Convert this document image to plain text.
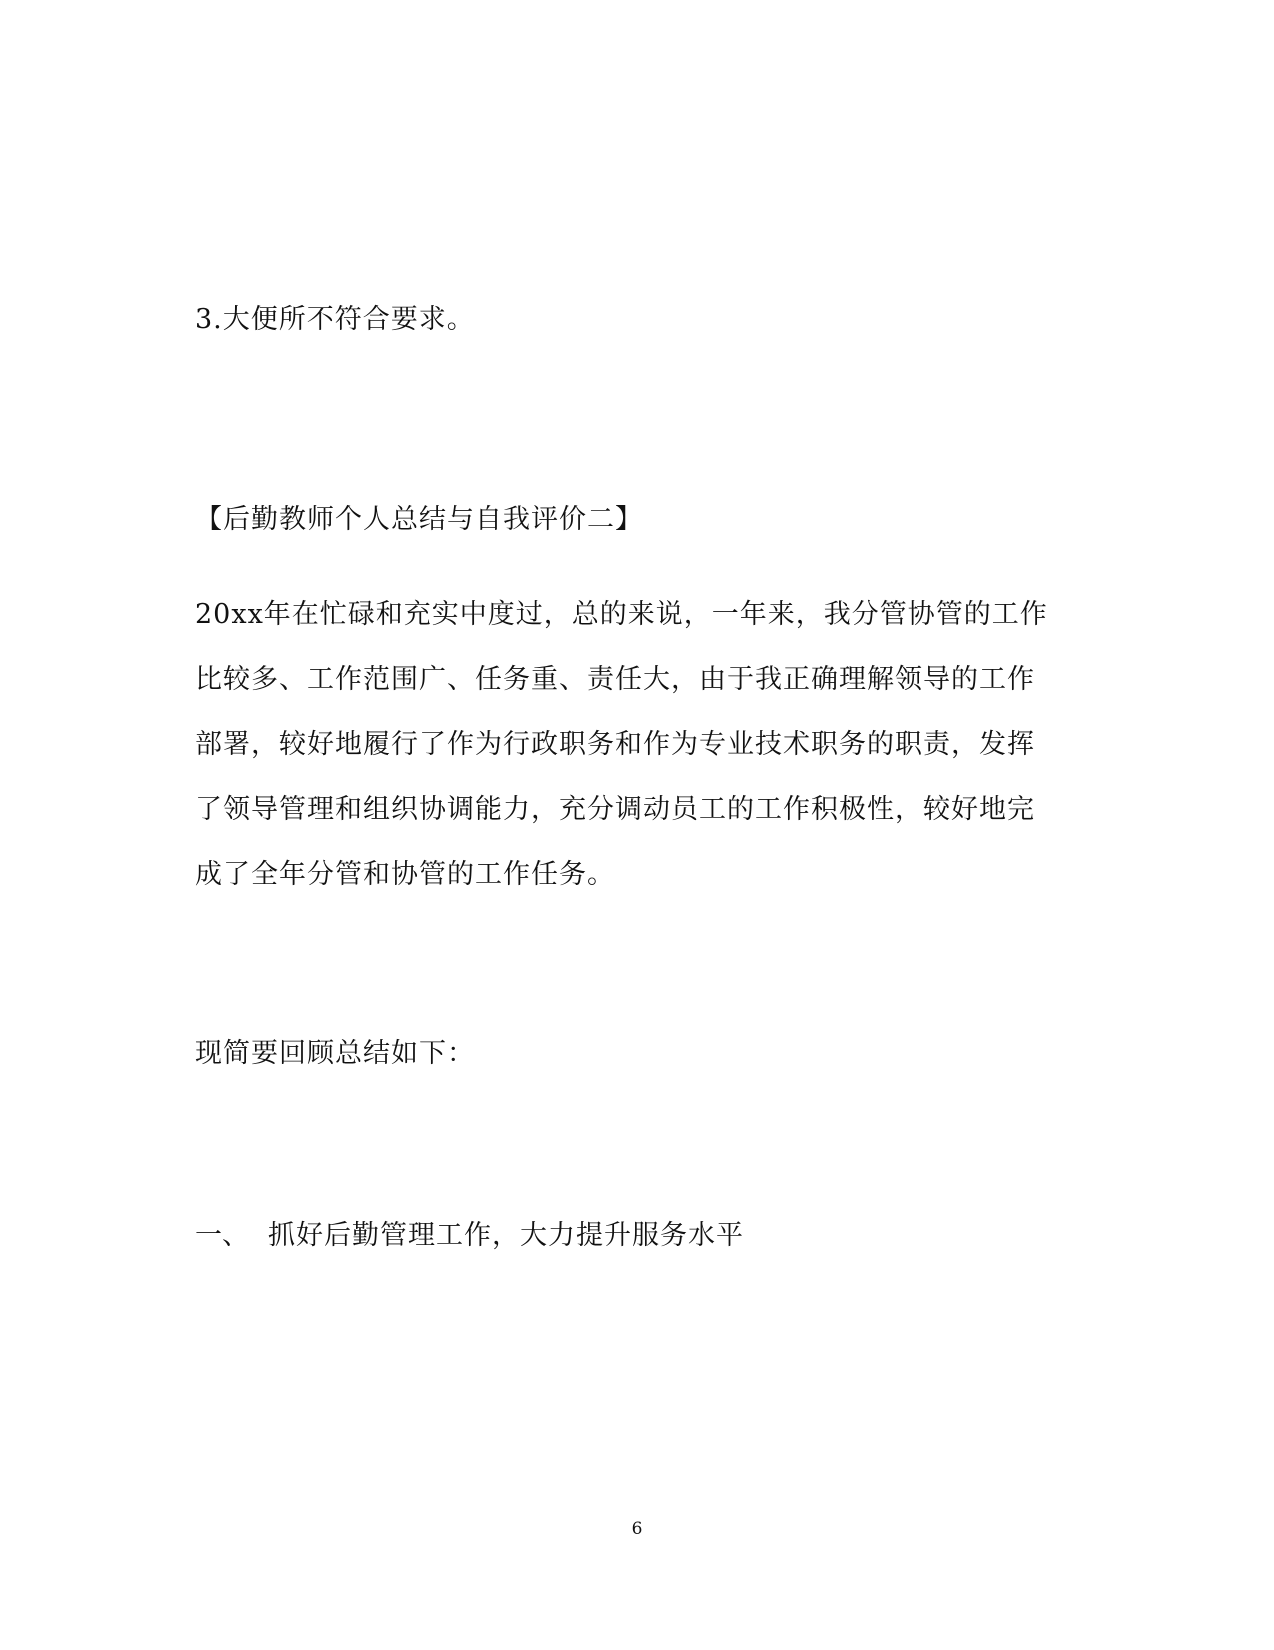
3.大便所不符合要求。
【后勤教师个人总结与自我评价二】
20xx年在忙碌和充实中度过，总的来说，一年来，我分管协管的工作
比较多、工作范围广、任务重、责任大，由于我正确理解领导的工作
部署，较好地履行了作为行政职务和作为专业技术职务的职责，发挥
了领导管理和组织协调能力，充分调动员工的工作积极性，较好地完
成了全年分管和协管的工作任务。
现简要回顾总结如下：
一、 抓好后勤管理工作，大力提升服务水平
6
